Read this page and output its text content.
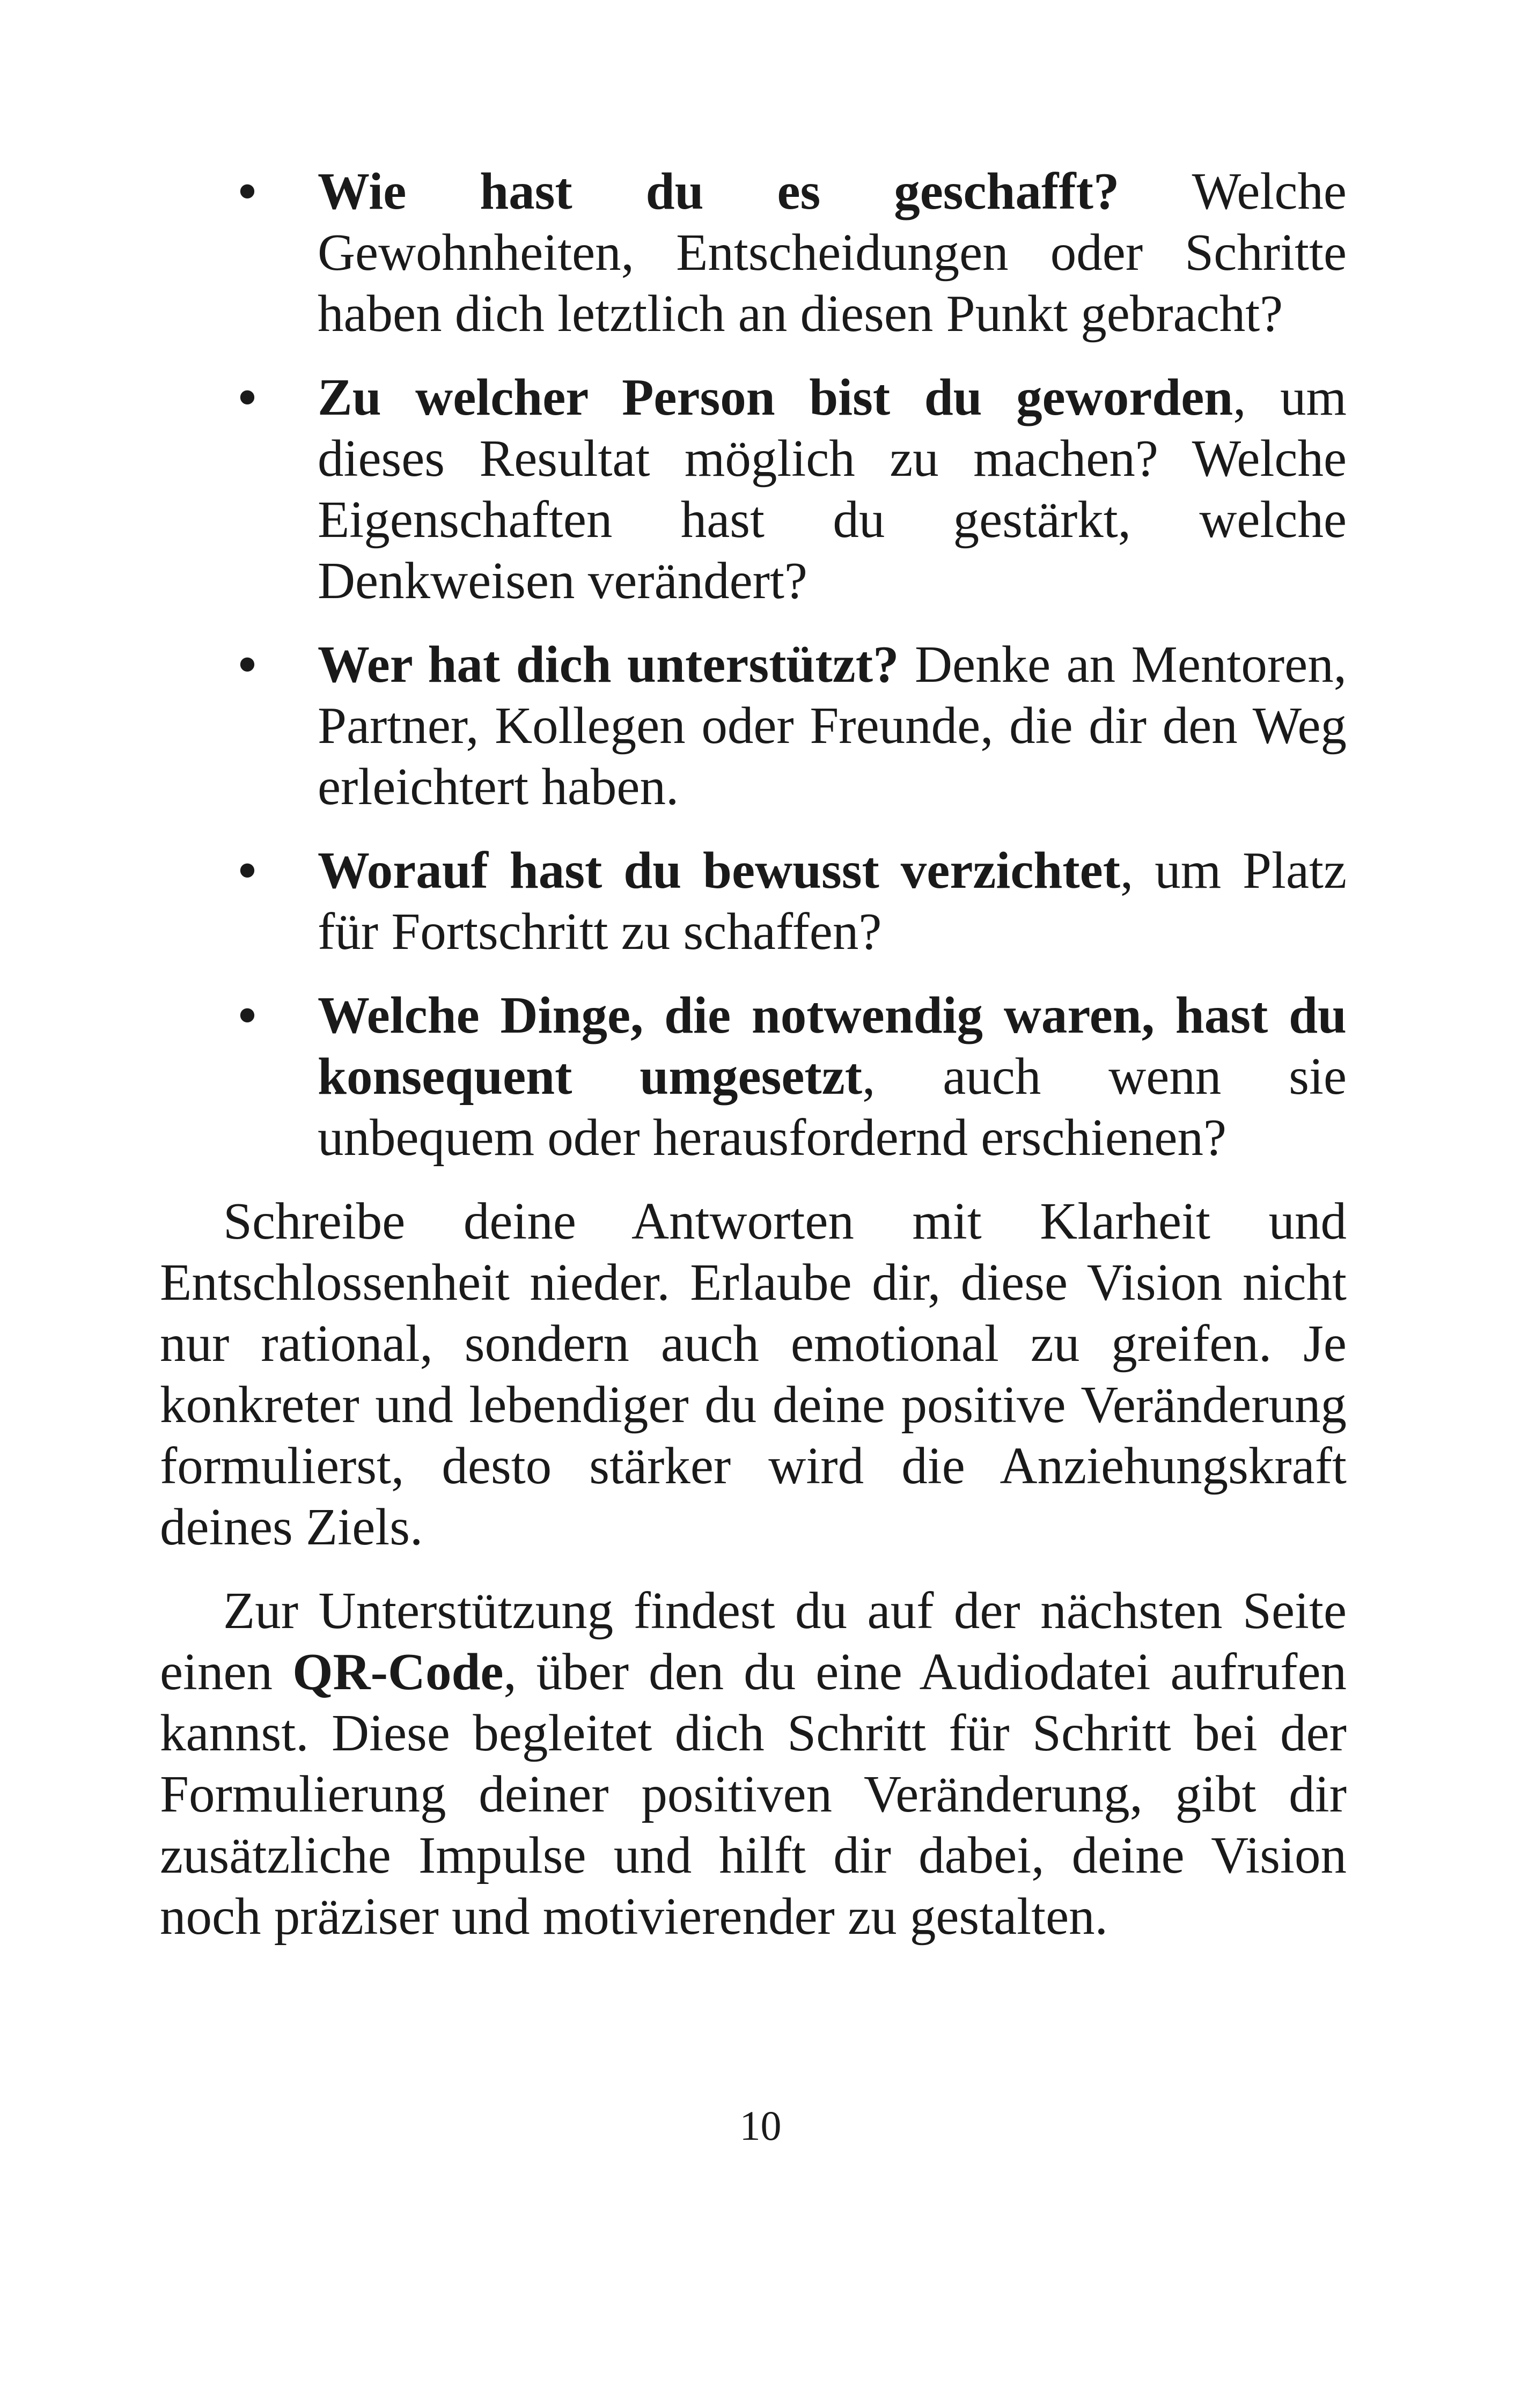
• Wie hast du es geschafft? Welche Gewohnheiten, Entscheidungen oder Schritte haben dich letztlich an diesen Punkt gebracht?
• Zu welcher Person bist du geworden, um dieses Resultat möglich zu machen? Welche Eigenschaften hast du gestärkt, welche Denkweisen verändert?
• Wer hat dich unterstützt? Denke an Mentoren, Partner, Kollegen oder Freunde, die dir den Weg erleichtert haben.
• Worauf hast du bewusst verzichtet, um Platz für Fortschritt zu schaffen?
• Welche Dinge, die notwendig waren, hast du konsequent umgesetzt, auch wenn sie unbequem oder herausfordernd erschienen?

Schreibe deine Antworten mit Klarheit und Entschlossenheit nieder. Erlaube dir, diese Vision nicht nur rational, sondern auch emotional zu greifen. Je konkreter und lebendiger du deine positive Veränderung formulierst, desto stärker wird die Anziehungskraft deines Ziels.

Zur Unterstützung findest du auf der nächsten Seite einen QR-Code, über den du eine Audiodatei aufrufen kannst. Diese begleitet dich Schritt für Schritt bei der Formulierung deiner positiven Veränderung, gibt dir zusätzliche Impulse und hilft dir dabei, deine Vision noch präziser und motivierender zu gestalten.

10
